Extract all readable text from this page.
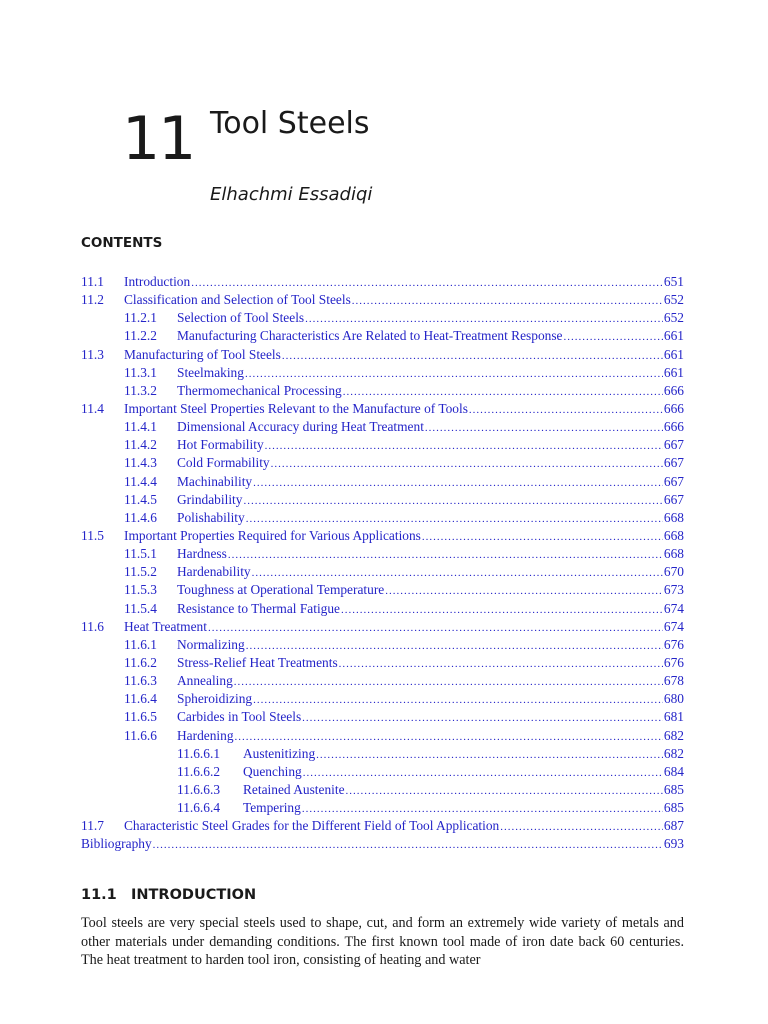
11 Tool Steels
Elhachmi Essadiqi
CONTENTS
11.1	Introduction .....	651
11.2	Classification and Selection of Tool Steels .....	652
11.2.1	Selection of Tool Steels .....	652
11.2.2	Manufacturing Characteristics Are Related to Heat-Treatment Response .....	661
11.3	Manufacturing of Tool Steels .....	661
11.3.1	Steelmaking .....	661
11.3.2	Thermomechanical Processing .....	666
11.4	Important Steel Properties Relevant to the Manufacture of Tools .....	666
11.4.1	Dimensional Accuracy during Heat Treatment .....	666
11.4.2	Hot Formability .....	667
11.4.3	Cold Formability .....	667
11.4.4	Machinability .....	667
11.4.5	Grindability .....	667
11.4.6	Polishability .....	668
11.5	Important Properties Required for Various Applications .....	668
11.5.1	Hardness .....	668
11.5.2	Hardenability .....	670
11.5.3	Toughness at Operational Temperature .....	673
11.5.4	Resistance to Thermal Fatigue .....	674
11.6	Heat Treatment .....	674
11.6.1	Normalizing .....	676
11.6.2	Stress-Relief Heat Treatments .....	676
11.6.3	Annealing .....	678
11.6.4	Spheroidizing .....	680
11.6.5	Carbides in Tool Steels .....	681
11.6.6	Hardening .....	682
11.6.6.1	Austenitizing .....	682
11.6.6.2	Quenching .....	684
11.6.6.3	Retained Austenite .....	685
11.6.6.4	Tempering .....	685
11.7	Characteristic Steel Grades for the Different Field of Tool Application .....	687
Bibliography .....	693
11.1 INTRODUCTION

Tool steels are very special steels used to shape, cut, and form an extremely wide variety of metals and other materials under demanding conditions. The first known tool made of iron date back 60 centuries. The heat treatment to harden tool iron, consisting of heating and water
